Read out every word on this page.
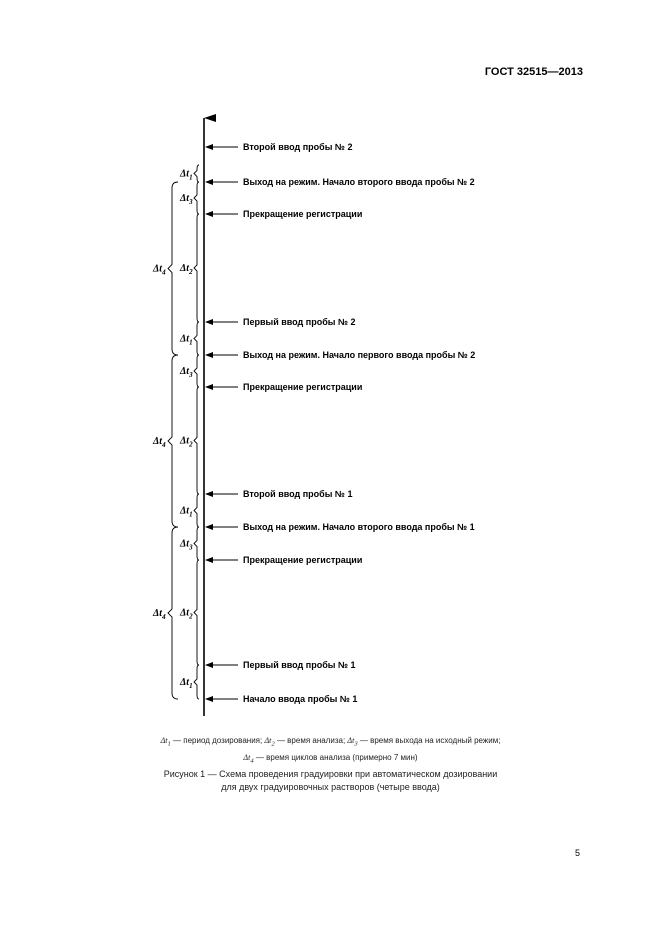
ГОСТ 32515—2013
Второй ввод пробы № 2
Выход на режим. Начало второго ввода пробы № 2
Прекращение регистрации
Первый ввод пробы № 2
Выход на режим. Начало первого ввода пробы № 2
Прекращение регистрации
Второй ввод пробы № 1
Выход на режим. Начало второго ввода пробы № 1
Прекращение регистрации
Первый ввод пробы № 1
Начало ввода пробы № 1
$\Delta t_1$
$\Delta t_3$
$\Delta t_2$
$\Delta t_1$
$\Delta t_3$
$\Delta t_2$
$\Delta t_1$
$\Delta t_3$
$\Delta t_2$
$\Delta t_1$
$\Delta t_4$
$\Delta t_4$
$\Delta t_4$
$\Delta t_1$ — период дозирования; $\Delta t_2$ — время анализа; $\Delta t_3$ — время выхода на исходный режим;
$\Delta t_4$ — время циклов анализа (примерно 7 мин)
Рисунок 1 — Схема проведения градуировки при автоматическом дозировании
для двух градуировочных растворов (четыре ввода)
5
